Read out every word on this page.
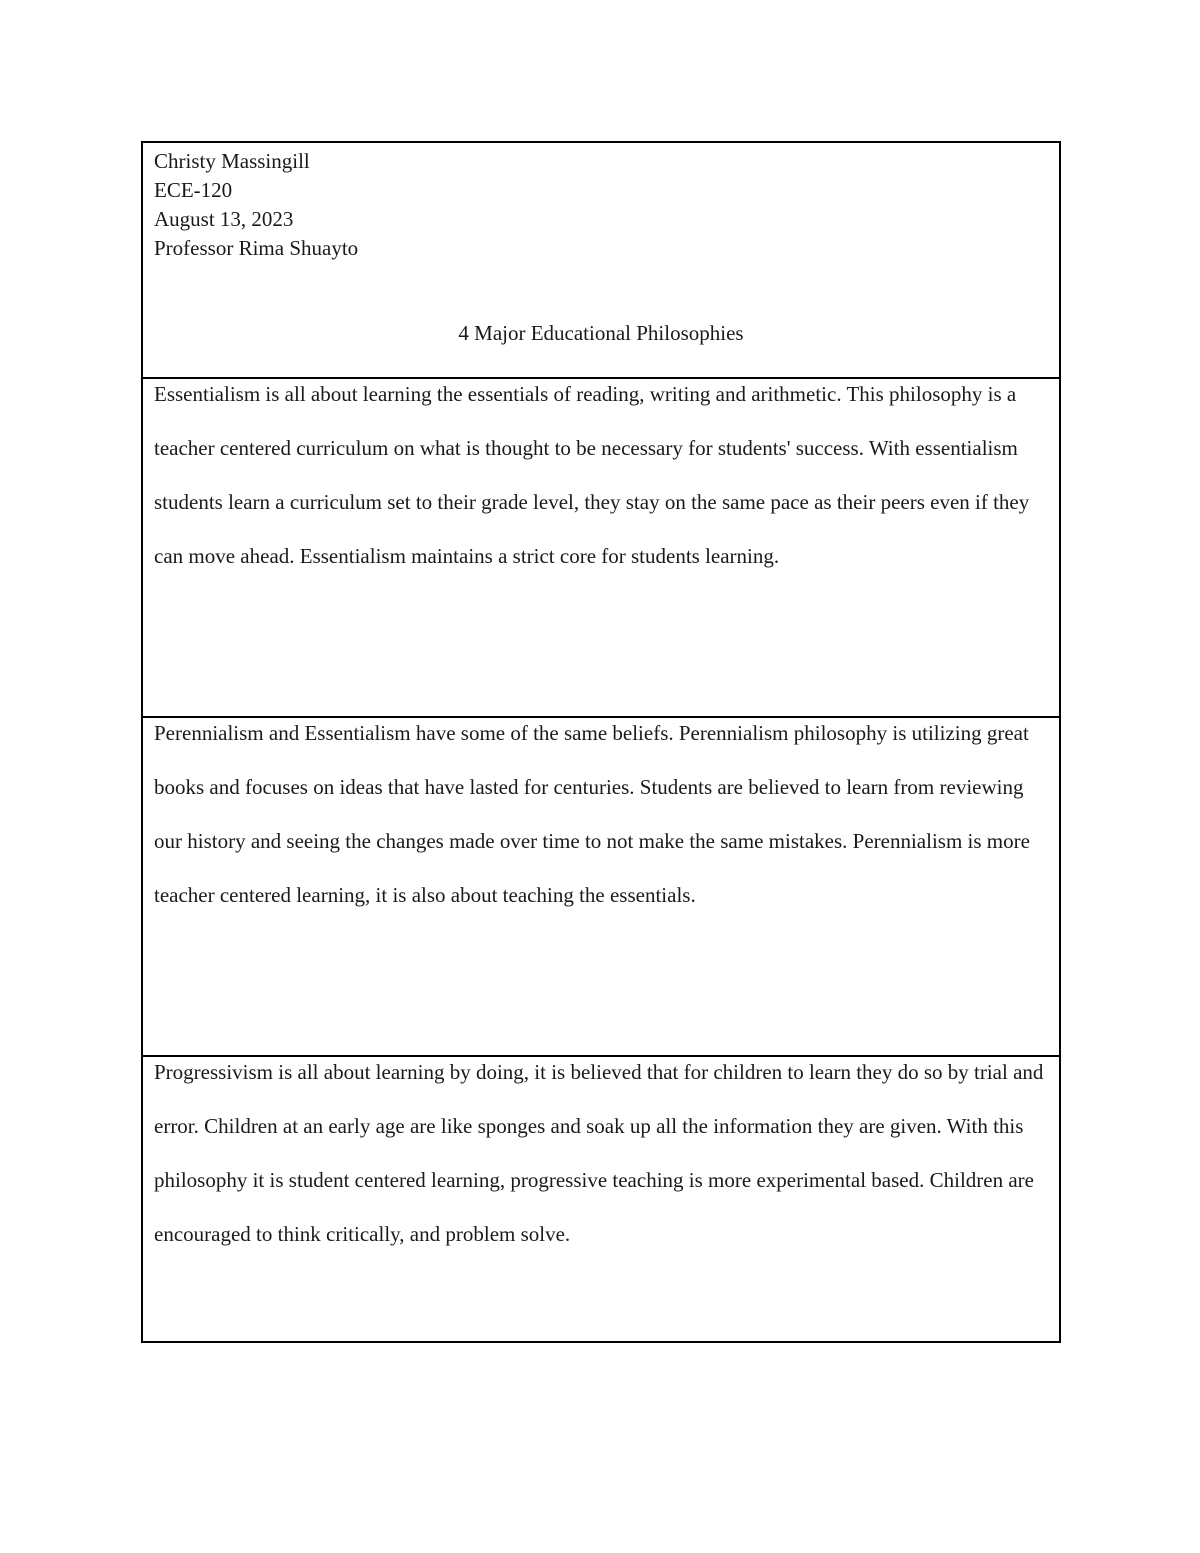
Christy Massingill
ECE-120
August 13, 2023
Professor Rima Shuayto
4 Major Educational Philosophies

Essentialism is all about learning the essentials of reading, writing and arithmetic. This philosophy is a teacher centered curriculum on what is thought to be necessary for students' success. With essentialism students learn a curriculum set to their grade level, they stay on the same pace as their peers even if they can move ahead. Essentialism maintains a strict core for students learning.

Perennialism and Essentialism have some of the same beliefs. Perennialism philosophy is utilizing great books and focuses on ideas that have lasted for centuries. Students are believed to learn from reviewing our history and seeing the changes made over time to not make the same mistakes. Perennialism is more teacher centered learning, it is also about teaching the essentials.

Progressivism is all about learning by doing, it is believed that for children to learn they do so by trial and error. Children at an early age are like sponges and soak up all the information they are given. With this philosophy it is student centered learning, progressive teaching is more experimental based. Children are encouraged to think critically, and problem solve.
